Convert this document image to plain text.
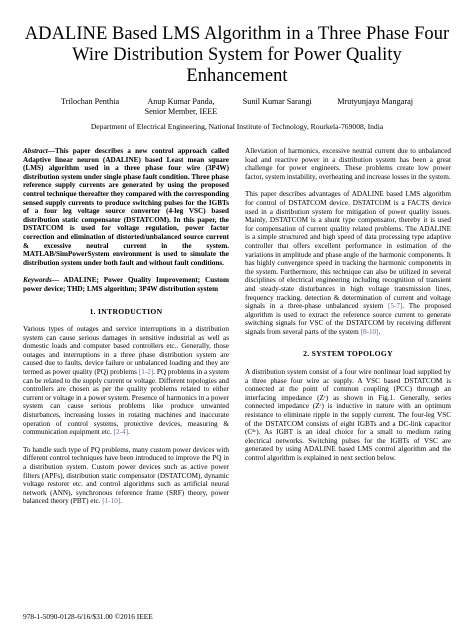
ADALINE Based LMS Algorithm in a Three Phase Four Wire Distribution System for Power Quality Enhancement
Trilochan Penthia	Anup Kumar Panda,
Senior Member, IEEE
Sunil Kumar Sarangi	Mrutyunjaya Mangaraj
Department of Electrical Engineering, National Institute of Technology, Rourkela-769008, India

Abstract—This paper describes a new control approach called Adaptive linear neuron (ADALINE) based Least mean square (LMS) algorithm used in a three phase four wire (3P4W) distribution system under single phase fault condition. Three phase reference supply currents are generated by using the proposed control technique thereafter they compared with the corresponding sensed supply currents to produce switching pulses for the IGBTs of a four leg voltage source converter (4-leg VSC) based distribution static compensator (DSTATCOM). In this paper, the DSTATCOM is used for voltage regulation, power factor correction and elimination of distorted/unbalanced source current & excessive neutral current in the system. MATLAB/SimPowerSystem environment is used to simulate the distribution system under both fault and without fault conditions.

Keywords— ADALINE; Power Quality Improvement; Custom power device; THD; LMS algorithm; 3P4W distribution system

1. INTRODUCTION

Various types of outages and service interruptions in a distribution system can cause serious damages in sensitive industrial as well as domestic loads and computer based controllers etc.. Generally, those outages and interruptions in a three phase distribution system are caused due to faults, device failure or unbalanced loading and they are termed as power quality (PQ) problems [1-2]. PQ problems in a system can be related to the supply current or voltage. Different topologies and controllers are chosen as per the quality problems related to either current or voltage in a power system. Presence of harmonics in a power system can cause serious problems like produce unwanted disturbances, increasing losses in rotating machines and inaccurate operation of control systems, protective devices, measuring & communication equipment etc. [2-4].

To handle such type of PQ problems, many custom power devices with different control techniques have been introduced to improve the PQ in a distribution system. Custom power devices such as active power filters (APFs), distribution static compensator (DSTATCOM), dynamic voltage restorer etc. and control algorithms such as artificial neural network (ANN), synchronous reference frame (SRF) theory, power balanced theory (PBT) etc. [1-10].

Alleviation of harmonics, excessive neutral current due to unbalanced load and reactive power in a distribution system has been a great challenge for power engineers. These problems create low power factor, system instability, overheating and increase losses in the system.

This paper describes advantages of ADALINE based LMS algorithm for control of DSTATCOM device. DSTATCOM is a FACTS device used in a distribution system for mitigation of power quality issues. Mainly, DSTATCOM is a shunt type compensator, thereby it is used for compensation of current quality related problems. The ADALINE is a simple structured and high speed of data processing type adaptive controller that offers excellent performance in estimation of the variations in amplitude and phase angle of the harmonic components. It has highly convergence speed in tracking the harmonic components in the system. Furthermore, this technique can also be utilized in several disciplines of electrical engineering including recognition of transient and steady-state disturbances in high voltage transmission lines, frequency tracking, detection & determination of current and voltage signals in a three-phase unbalanced system [5-7]. The proposed algorithm is used to extract the reference source current to generate switching signals for VSC of the DSTATCOM by receiving different signals from several parts of the system [8-10].

2. SYSTEM TOPOLOGY

A distribution system consist of a four wire nonlinear load supplied by a three phase four wire ac supply. A VSC based DSTATCOM is connected at the point of common coupling (PCC) through an interfacing impedance (Zᶜ) as shown in Fig.1. Generally, series connected impedance (Zᶜ) is inductive in nature with an optimum resistance to eliminate ripple in the supply current. The four-leg VSC of the DSTATCOM consists of eight IGBTs and a DC-link capacitor (Cᵈᶜ). As IGBT is an ideal choice for a small to medium rating electrical networks. Switching pulses for the IGBTs of VSC are generated by using ADALINE based LMS control algorithm and the control algorithm is explained in next section below.

978-1-5090-0128-6/16/$31.00 ©2016 IEEE
